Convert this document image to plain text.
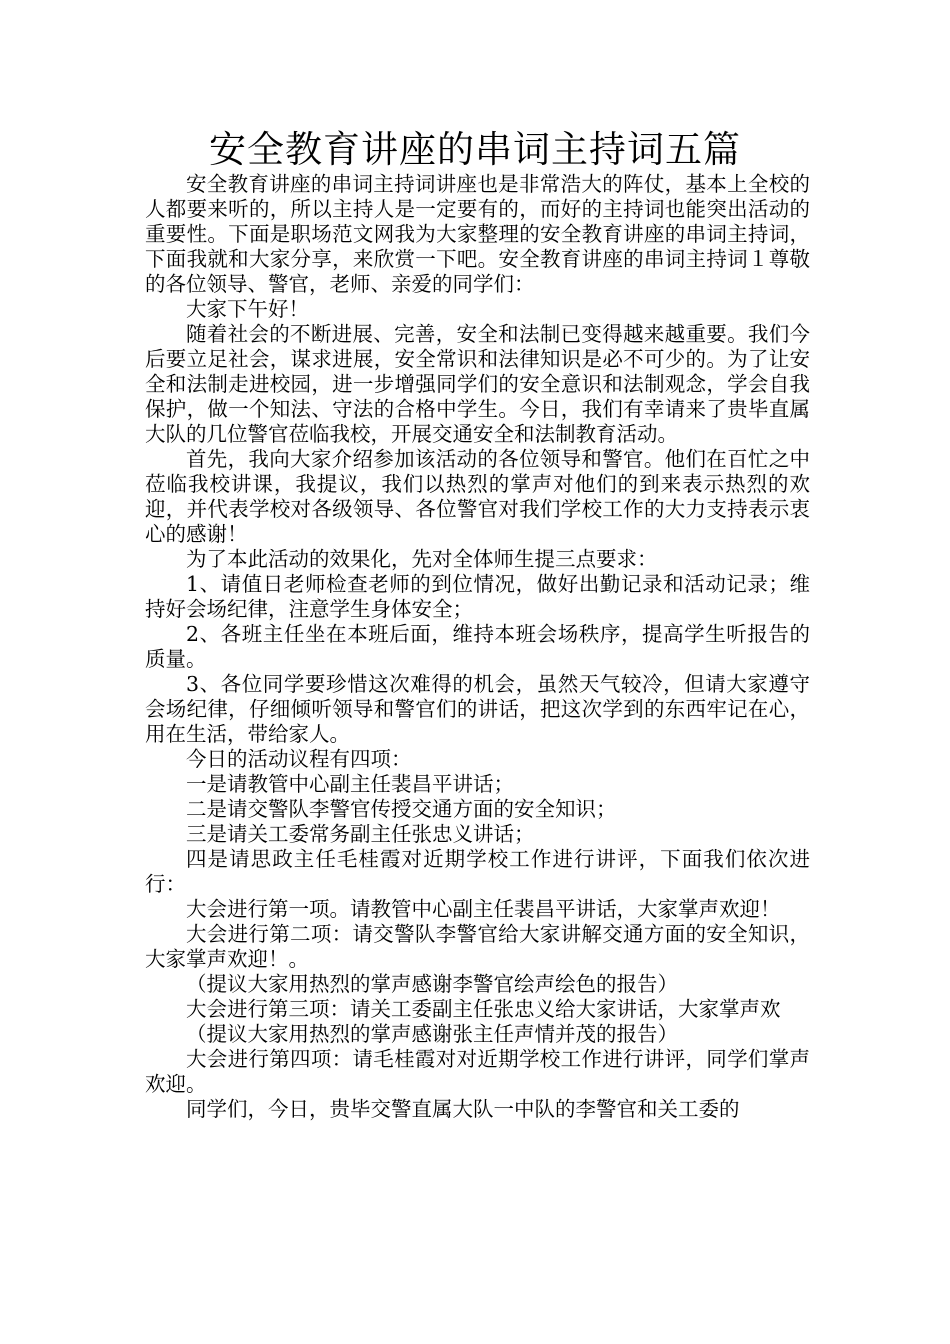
安全教育讲座的串词主持词五篇

安全教育讲座的串词主持词讲座也是非常浩大的阵仗，基本上全校的人都要来听的，所以主持人是一定要有的，而好的主持词也能突出活动的重要性。下面是职场范文网我为大家整理的安全教育讲座的串词主持词，下面我就和大家分享，来欣赏一下吧。安全教育讲座的串词主持词１尊敬的各位领导、警官，老师、亲爱的同学们：

大家下午好！

随着社会的不断进展、完善，安全和法制已变得越来越重要。我们今后要立足社会，谋求进展，安全常识和法律知识是必不可少的。为了让安全和法制走进校园，进一步增强同学们的安全意识和法制观念，学会自我保护，做一个知法、守法的合格中学生。今日，我们有幸请来了贵毕直属大队的几位警官莅临我校，开展交通安全和法制教育活动。

首先，我向大家介绍参加该活动的各位领导和警官。他们在百忙之中莅临我校讲课，我提议，我们以热烈的掌声对他们的到来表示热烈的欢迎，并代表学校对各级领导、各位警官对我们学校工作的大力支持表示衷心的感谢！

为了本此活动的效果化，先对全体师生提三点要求：

1、请值日老师检查老师的到位情况，做好出勤记录和活动记录；维持好会场纪律，注意学生身体安全；

2、各班主任坐在本班后面，维持本班会场秩序，提高学生听报告的质量。

3、各位同学要珍惜这次难得的机会，虽然天气较冷，但请大家遵守会场纪律，仔细倾听领导和警官们的讲话，把这次学到的东西牢记在心，用在生活，带给家人。

今日的活动议程有四项：

一是请教管中心副主任裴昌平讲话；

二是请交警队李警官传授交通方面的安全知识；

三是请关工委常务副主任张忠义讲话；

四是请思政主任毛桂霞对近期学校工作进行讲评，下面我们依次进行：

大会进行第一项。请教管中心副主任裴昌平讲话，大家掌声欢迎！

大会进行第二项：请交警队李警官给大家讲解交通方面的安全知识，大家掌声欢迎！。

（提议大家用热烈的掌声感谢李警官绘声绘色的报告）

大会进行第三项：请关工委副主任张忠义给大家讲话，大家掌声欢

（提议大家用热烈的掌声感谢张主任声情并茂的报告）

大会进行第四项：请毛桂霞对对近期学校工作进行讲评，同学们掌声欢迎。

同学们，今日，贵毕交警直属大队一中队的李警官和关工委的
